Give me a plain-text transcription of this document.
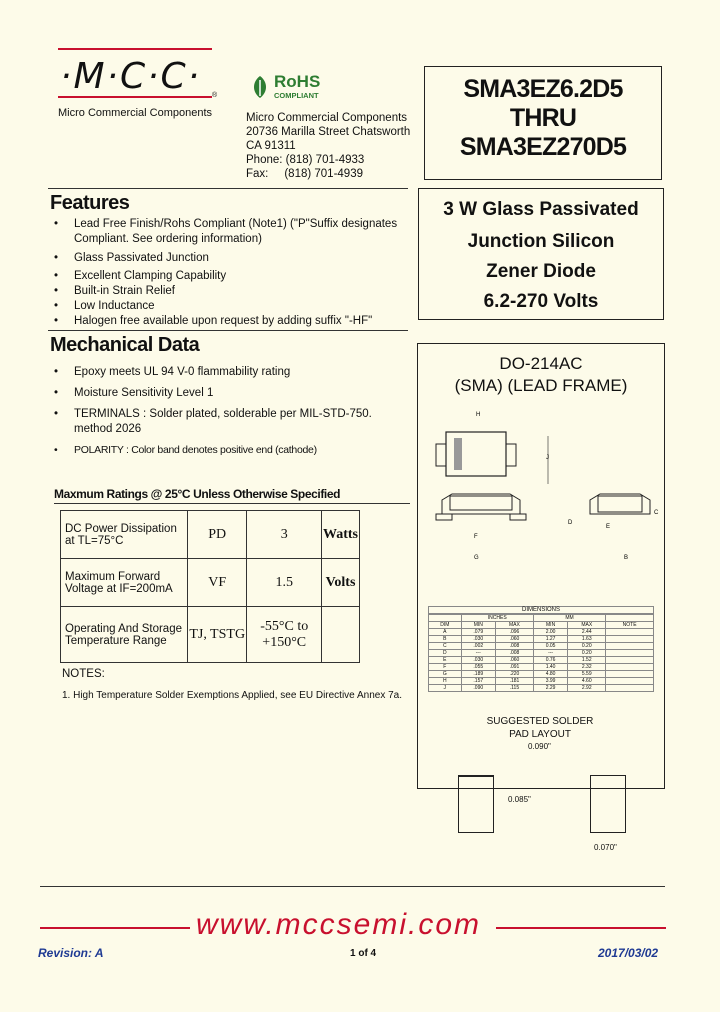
·M·C·C·	®
Micro Commercial Components
RoHS
COMPLIANT
Micro Commercial Components
20736 Marilla Street Chatsworth
CA 91311
Phone: (818) 701-4933
Fax:     (818) 701-4939
SMA3EZ6.2D5
THRU
SMA3EZ270D5
3 W Glass Passivated
Junction Silicon
Zener Diode
6.2-270 Volts
Features
• Lead Free Finish/Rohs Compliant (Note1) ("P"Suffix designates Compliant. See ordering information)
• Glass Passivated Junction
• Excellent Clamping Capability
• Built-in Strain Relief
• Low Inductance
• Halogen free available upon request by adding suffix "-HF"
Mechanical Data
• Epoxy meets UL 94 V-0 flammability rating
• Moisture Sensitivity Level 1
• TERMINALS : Solder plated, solderable per MIL-STD-750. method 2026
• POLARITY : Color band denotes positive end (cathode)
Maxmum Ratings @ 25°C Unless Otherwise Specified
DC Power Dissipation at TL=75°C	PD	3	Watts
Maximum Forward Voltage at IF=200mA	VF	1.5	Volts
Operating And Storage Temperature Range	TJ, TSTG	-55°C to +150°C	
NOTES:
1. High Temperature Solder Exemptions Applied, see EU Directive Annex 7a.
DO-214AC
(SMA) (LEAD FRAME)
H
J
F
G
D
E
C
B
DIMENSIONS
	INCHES		MM		
DIM	MIN	MAX	MIN	MAX	NOTE
A	.079	.096	2.00	2.44	
B	.030	.060	1.27	1.63	
C	.002	.008	0.05	0.20	
D	---	.008	---	0.20	
E	.030	.060	0.76	1.52	
F	.055	.091	1.40	2.32	
G	.189	.220	4.80	5.59	
H	.157	.181	3.99	4.60	
J	.090	.115	2.29	2.92	
SUGGESTED SOLDER
PAD LAYOUT
0.090"
0.085"
0.070"
www.mccsemi.com
Revision: A	1 of 4	2017/03/02
